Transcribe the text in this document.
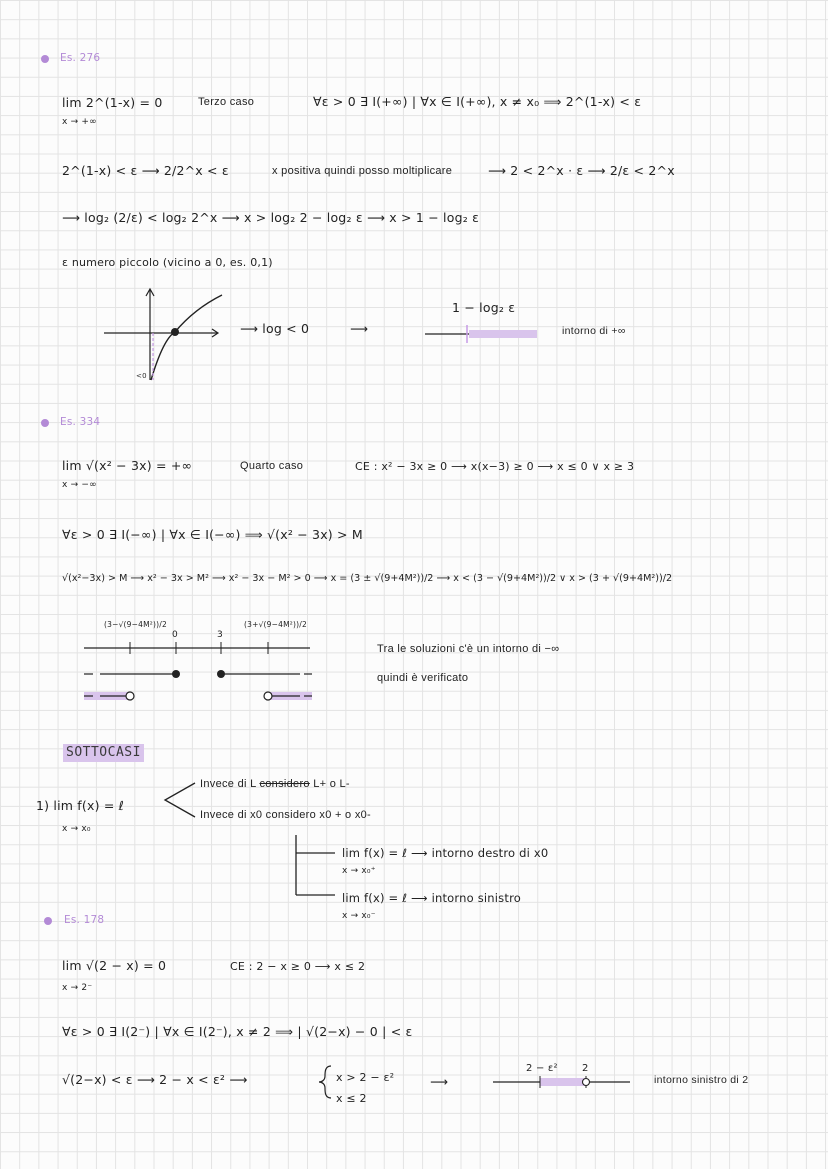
Es. 276
lim 2^(1-x) = 0
x → +∞
Terzo caso	∀ε > 0 ∃ I(+∞) | ∀x ∈ I(+∞), x ≠ x₀ ⟹ 2^(1-x) < ε
2^(1-x) < ε ⟶ 2/2^x < ε	x positiva quindi posso moltiplicare	⟶ 2 < 2^x · ε ⟶ 2/ε < 2^x
⟶ log₂ (2/ε) < log₂ 2^x ⟶ x > log₂ 2 − log₂ ε ⟶ x > 1 − log₂ ε
ε numero piccolo (vicino a 0, es. 0,1)
<0
⟶ log < 0	⟶
1 − log₂ ε
intorno di +∞
Es. 334
lim √(x² − 3x) = +∞
x → −∞
Quarto caso	CE : x² − 3x ≥ 0 ⟶ x(x−3) ≥ 0 ⟶ x ≤ 0 ∨ x ≥ 3
∀ε > 0 ∃ I(−∞) | ∀x ∈ I(−∞) ⟹ √(x² − 3x) > M
√(x²−3x) > M ⟶ x² − 3x > M² ⟶ x² − 3x − M² > 0 ⟶ x = (3 ± √(9+4M²))/2 ⟶ x < (3 − √(9+4M²))/2 ∨ x > (3 + √(9+4M²))/2
(3−√(9−4M²))/2
0	3
(3+√(9−4M²))/2
Tra le soluzioni c'è un intorno di −∞
quindi è verificato
SOTTOCASI
1) lim f(x) = ℓ
x → x₀
Invece di L considero L+ o L-
Invece di x0 considero x0 + o x0-
lim f(x) = ℓ ⟶ intorno destro di x0
x → x₀⁺
lim f(x) = ℓ ⟶ intorno sinistro
x → x₀⁻
Es. 178
lim √(2 − x) = 0
x → 2⁻
CE : 2 − x ≥ 0 ⟶ x ≤ 2
∀ε > 0 ∃ I(2⁻) | ∀x ∈ I(2⁻), x ≠ 2 ⟹ | √(2−x) − 0 | < ε
√(2−x) < ε ⟶ 2 − x < ε² ⟶	x > 2 − ε²
x ≤ 2
⟶
2 − ε² 2
intorno sinistro di 2
